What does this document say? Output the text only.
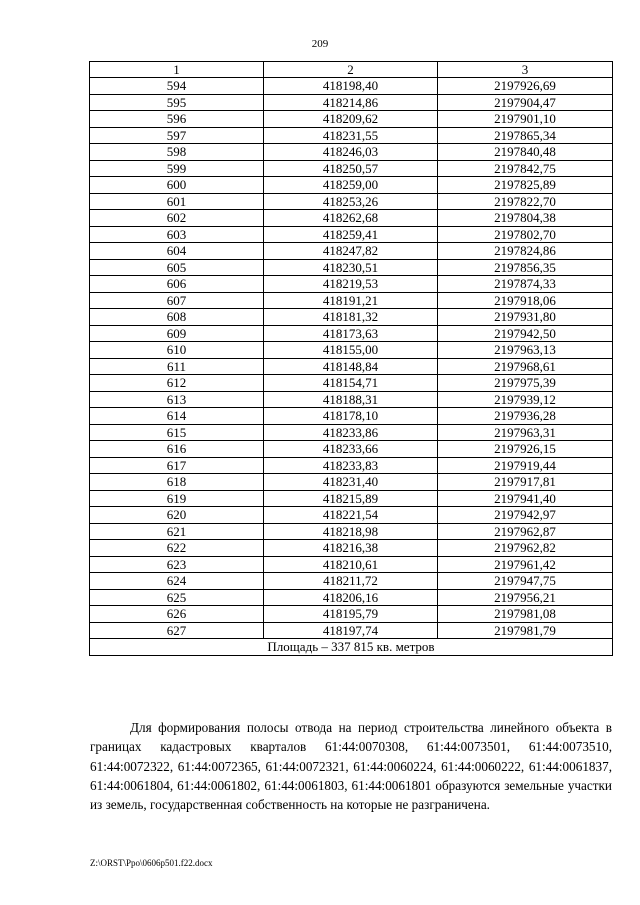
209
1	2	3
594	418198,40	2197926,69
595	418214,86	2197904,47
596	418209,62	2197901,10
597	418231,55	2197865,34
598	418246,03	2197840,48
599	418250,57	2197842,75
600	418259,00	2197825,89
601	418253,26	2197822,70
602	418262,68	2197804,38
603	418259,41	2197802,70
604	418247,82	2197824,86
605	418230,51	2197856,35
606	418219,53	2197874,33
607	418191,21	2197918,06
608	418181,32	2197931,80
609	418173,63	2197942,50
610	418155,00	2197963,13
611	418148,84	2197968,61
612	418154,71	2197975,39
613	418188,31	2197939,12
614	418178,10	2197936,28
615	418233,86	2197963,31
616	418233,66	2197926,15
617	418233,83	2197919,44
618	418231,40	2197917,81
619	418215,89	2197941,40
620	418221,54	2197942,97
621	418218,98	2197962,87
622	418216,38	2197962,82
623	418210,61	2197961,42
624	418211,72	2197947,75
625	418206,16	2197956,21
626	418195,79	2197981,08
627	418197,74	2197981,79
Площадь – 337 815 кв. метров		

Для формирования полосы отвода на период строительства линейного объекта в границах кадастровых кварталов 61:44:0070308, 61:44:0073501, 61:44:0073510, 61:44:0072322, 61:44:0072365, 61:44:0072321, 61:44:0060224, 61:44:0060222, 61:44:0061837, 61:44:0061804, 61:44:0061802, 61:44:0061803, 61:44:0061801 образуются земельные участки из земель, государственная собственность на которые не разграничена.

Z:\ORST\Ppo\0606p501.f22.docx
